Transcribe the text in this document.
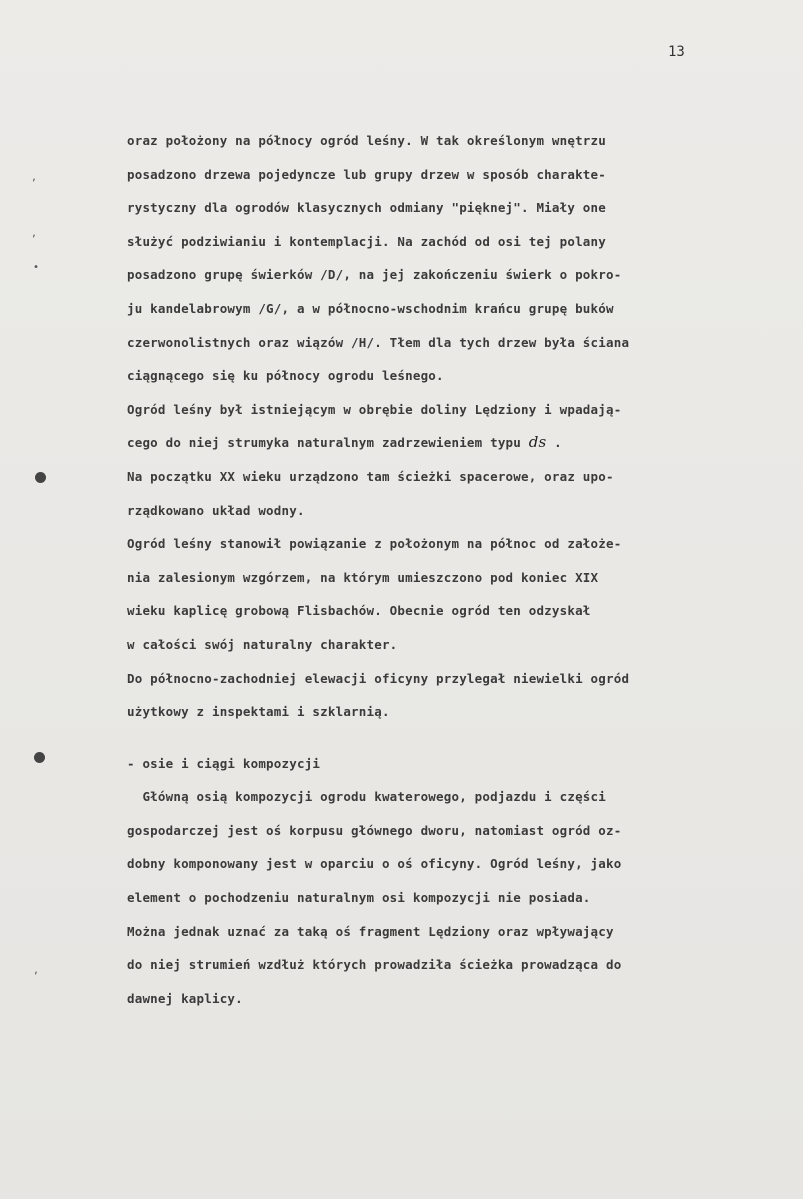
13
,
,
•
,
oraz położony na północy ogród leśny. W tak określonym wnętrzu
posadzono drzewa pojedyncze lub grupy drzew w sposób charakte-
rystyczny dla ogrodów klasycznych odmiany "pięknej". Miały one
służyć podziwianiu i kontemplacji. Na zachód od osi tej polany
posadzono grupę świerków /D/, na jej zakończeniu świerk o pokro-
ju kandelabrowym /G/, a w północno-wschodnim krańcu grupę buków
czerwonolistnych oraz wiązów /H/. Tłem dla tych drzew była ściana
ciągnącego się ku północy ogrodu leśnego.
Ogród leśny był istniejącym w obrębie doliny Lędziony i wpadają-
cego do niej strumyka naturalnym zadrzewieniem typu ds .
Na początku XX wieku urządzono tam ścieżki spacerowe, oraz upo-
rządkowano układ wodny.
Ogród leśny stanowił powiązanie z położonym na północ od założe-
nia zalesionym wzgórzem, na którym umieszczono pod koniec XIX
wieku kaplicę grobową Flisbachów. Obecnie ogród ten odzyskał
w całości swój naturalny charakter.
Do północno-zachodniej elewacji oficyny przylegał niewielki ogród
użytkowy z inspektami i szklarnią.
- osie i ciągi kompozycji
Główną osią kompozycji ogrodu kwaterowego, podjazdu i części
gospodarczej jest oś korpusu głównego dworu, natomiast ogród oz-
dobny komponowany jest w oparciu o oś oficyny. Ogród leśny, jako
element o pochodzeniu naturalnym osi kompozycji nie posiada.
Można jednak uznać za taką oś fragment Lędziony oraz wpływający
do niej strumień wzdłuż których prowadziła ścieżka prowadząca do
dawnej kaplicy.
